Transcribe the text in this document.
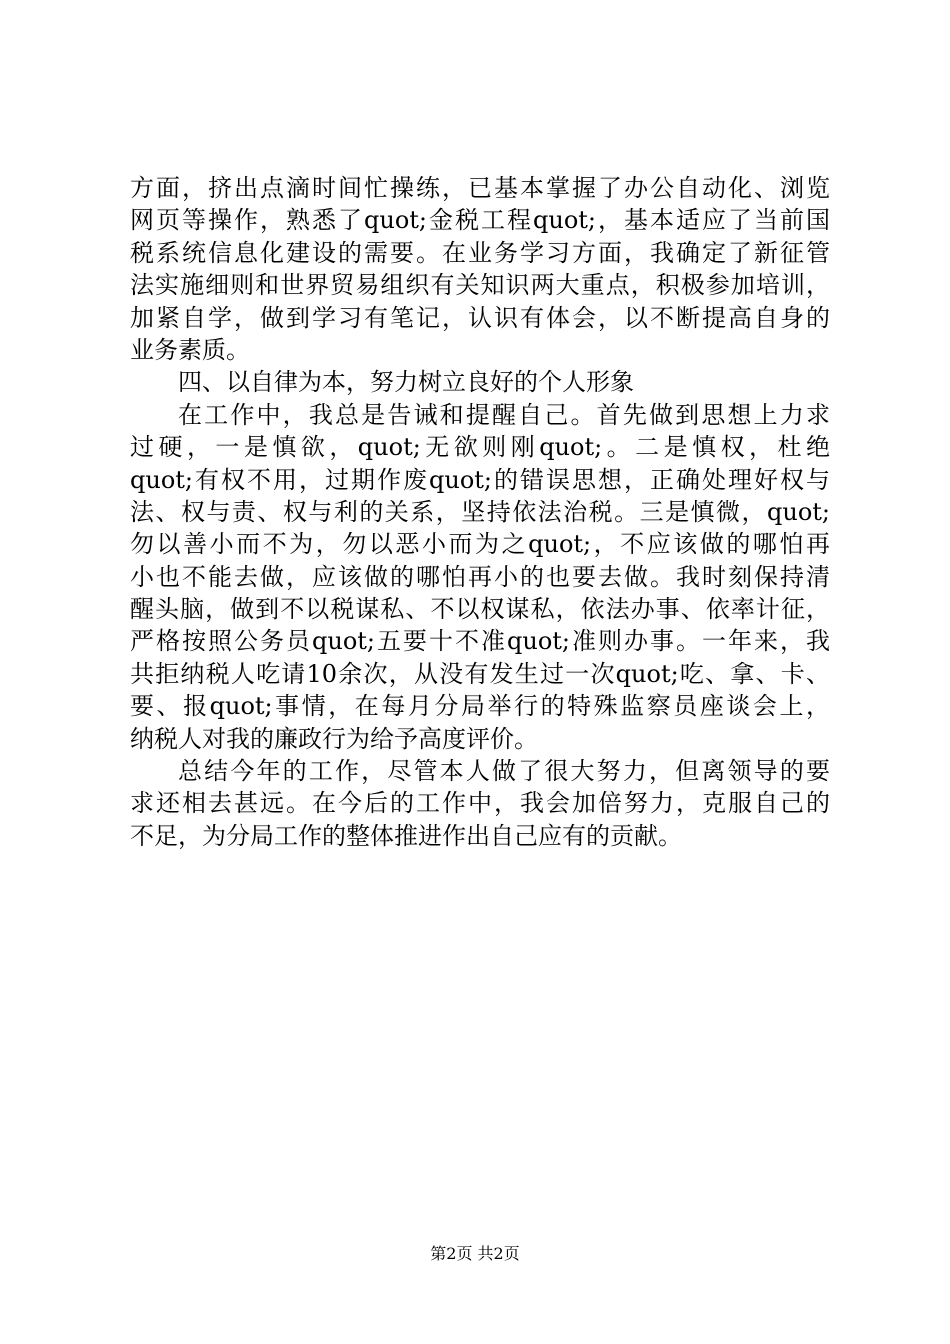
方面，挤出点滴时间忙操练，已基本掌握了办公自动化、浏览
网页等操作，熟悉了quot;金税工程quot;，基本适应了当前国
税系统信息化建设的需要。在业务学习方面，我确定了新征管
法实施细则和世界贸易组织有关知识两大重点，积极参加培训，
加紧自学，做到学习有笔记，认识有体会，以不断提高自身的
业务素质。
四、以自律为本，努力树立良好的个人形象
在工作中，我总是告诫和提醒自己。首先做到思想上力求
过硬，一是慎欲，quot;无欲则刚quot;。二是慎权，杜绝
quot;有权不用，过期作废quot;的错误思想，正确处理好权与
法、权与责、权与利的关系，坚持依法治税。三是慎微，quot;
勿以善小而不为，勿以恶小而为之quot;，不应该做的哪怕再
小也不能去做，应该做的哪怕再小的也要去做。我时刻保持清
醒头脑，做到不以税谋私、不以权谋私，依法办事、依率计征，
严格按照公务员quot;五要十不准quot;准则办事。一年来，我
共拒纳税人吃请10余次，从没有发生过一次quot;吃、拿、卡、
要、报quot;事情，在每月分局举行的特殊监察员座谈会上，
纳税人对我的廉政行为给予高度评价。
总结今年的工作，尽管本人做了很大努力，但离领导的要
求还相去甚远。在今后的工作中，我会加倍努力，克服自己的
不足，为分局工作的整体推进作出自己应有的贡献。
第2页 共2页
